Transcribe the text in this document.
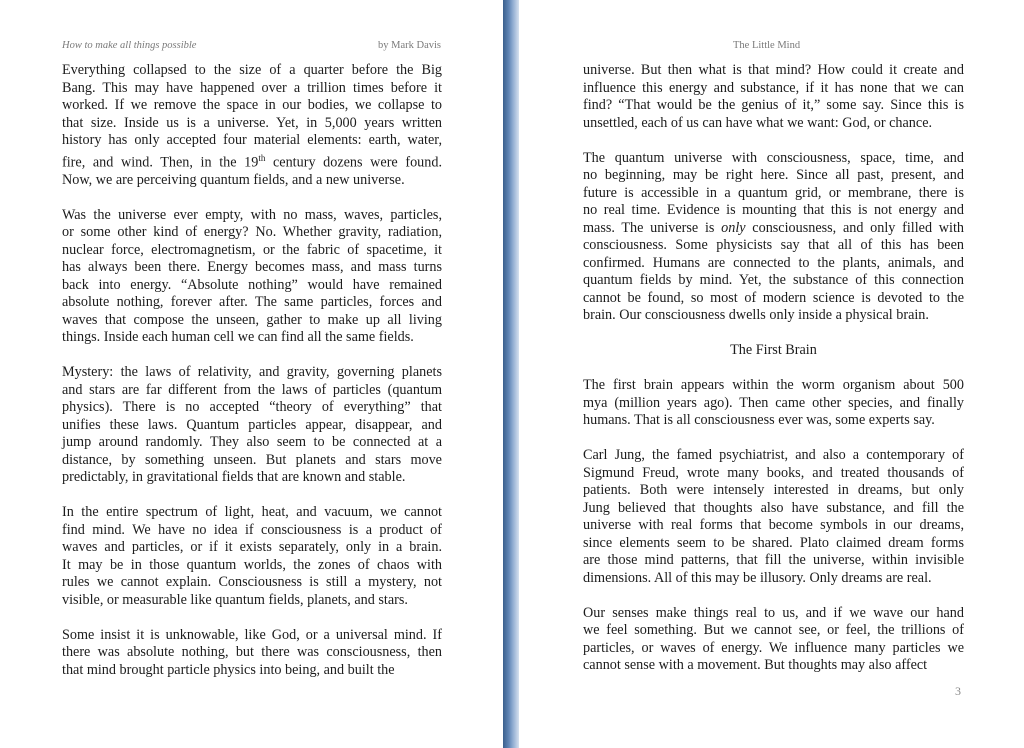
How to make all things possible	by Mark Davis
Everything collapsed to the size of a quarter before the Big
Bang. This may have happened over a trillion times before it
worked. If we remove the space in our bodies, we collapse to
that size. Inside us is a universe. Yet, in 5,000 years written
history has only accepted four material elements: earth, water,
fire, and wind. Then, in the 19th century dozens were found.
Now, we are perceiving quantum fields, and a new universe.
Was the universe ever empty, with no mass, waves, particles,
or some other kind of energy? No. Whether gravity, radiation,
nuclear force, electromagnetism, or the fabric of spacetime, it
has always been there. Energy becomes mass, and mass turns
back into energy. “Absolute nothing” would have remained
absolute nothing, forever after. The same particles, forces and
waves that compose the unseen, gather to make up all living
things. Inside each human cell we can find all the same fields.
Mystery: the laws of relativity, and gravity, governing planets
and stars are far different from the laws of particles (quantum
physics). There is no accepted “theory of everything” that
unifies these laws. Quantum particles appear, disappear, and
jump around randomly. They also seem to be connected at a
distance, by something unseen. But planets and stars move
predictably, in gravitational fields that are known and stable.
In the entire spectrum of light, heat, and vacuum, we cannot
find mind. We have no idea if consciousness is a product of
waves and particles, or if it exists separately, only in a brain.
It may be in those quantum worlds, the zones of chaos with
rules we cannot explain. Consciousness is still a mystery, not
visible, or measurable like quantum fields, planets, and stars.
Some insist it is unknowable, like God, or a universal mind. If
there was absolute nothing, but there was consciousness, then
that mind brought particle physics into being, and built the
The Little Mind
universe. But then what is that mind? How could it create and
influence this energy and substance, if it has none that we can
find? “That would be the genius of it,” some say. Since this is
unsettled, each of us can have what we want: God, or chance.
The quantum universe with consciousness, space, time, and
no beginning, may be right here. Since all past, present, and
future is accessible in a quantum grid, or membrane, there is
no real time. Evidence is mounting that this is not energy and
mass. The universe is only consciousness, and only filled with
consciousness. Some physicists say that all of this has been
confirmed. Humans are connected to the plants, animals, and
quantum fields by mind. Yet, the substance of this connection
cannot be found, so most of modern science is devoted to the
brain. Our consciousness dwells only inside a physical brain.
The First Brain
The first brain appears within the worm organism about 500
mya (million years ago). Then came other species, and finally
humans. That is all consciousness ever was, some experts say.
Carl Jung, the famed psychiatrist, and also a contemporary of
Sigmund Freud, wrote many books, and treated thousands of
patients. Both were intensely interested in dreams, but only
Jung believed that thoughts also have substance, and fill the
universe with real forms that become symbols in our dreams,
since elements seem to be shared. Plato claimed dream forms
are those mind patterns, that fill the universe, within invisible
dimensions. All of this may be illusory. Only dreams are real.
Our senses make things real to us, and if we wave our hand
we feel something. But we cannot see, or feel, the trillions of
particles, or waves of energy. We influence many particles we
cannot sense with a movement. But thoughts may also affect
3
